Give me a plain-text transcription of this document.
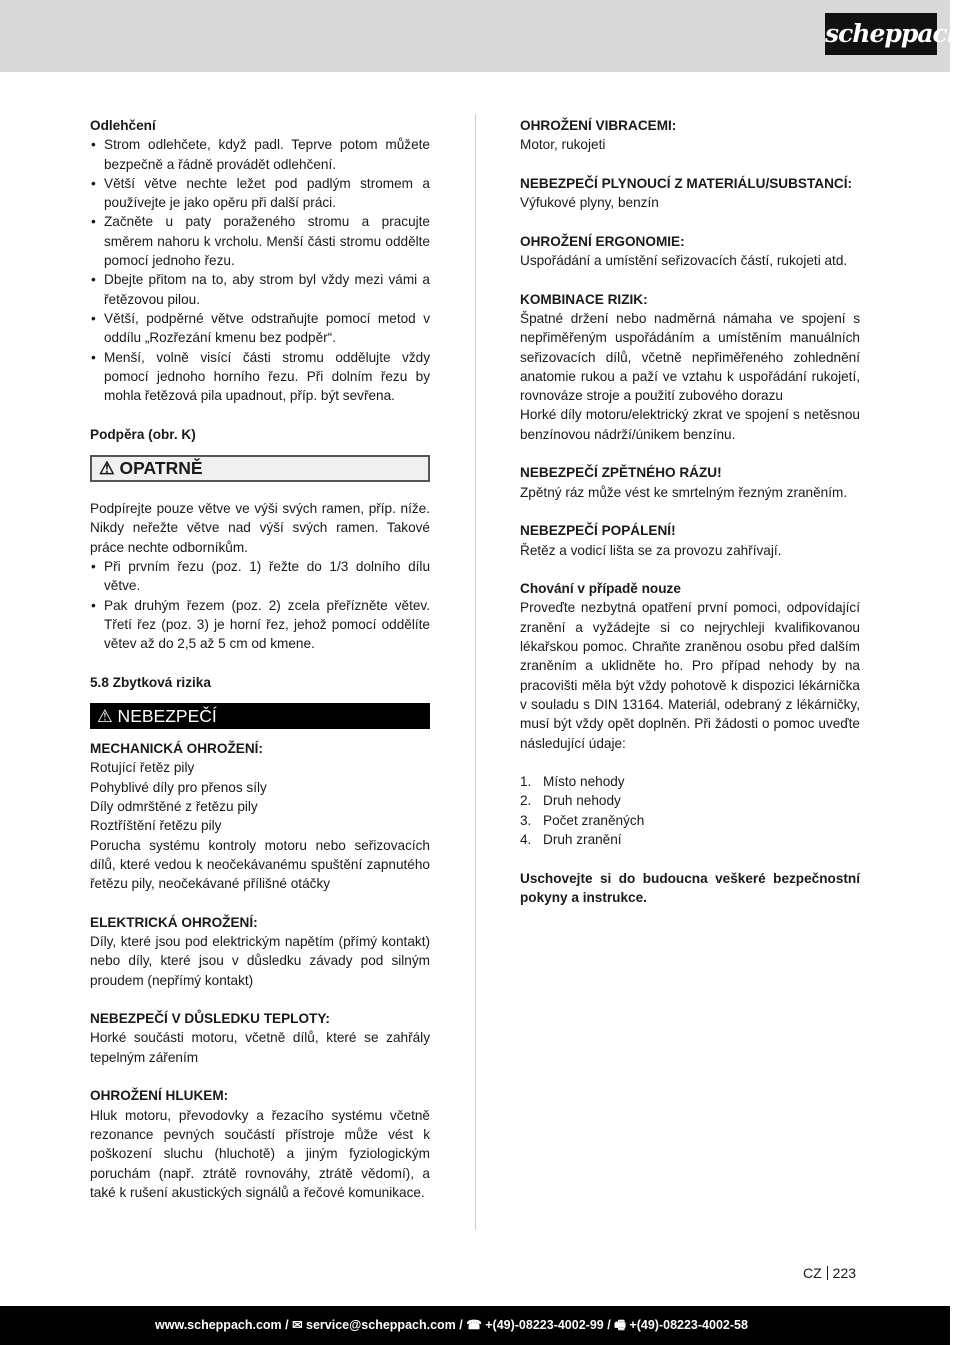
scheppach

Odlehčení

• Strom odlehčete, když padl. Teprve potom můžete bezpečně a řádně provádět odlehčení.
• Větší větve nechte ležet pod padlým stromem a používejte je jako opěru při další práci.
• Začněte u paty poraženého stromu a pracujte směrem nahoru k vrcholu. Menší části stromu oddělte pomocí jednoho řezu.
• Dbejte přitom na to, aby strom byl vždy mezi vámi a řetězovou pilou.
• Větší, podpěrné větve odstraňujte pomocí metod v oddílu „Rozřezání kmenu bez podpěr“.
• Menší, volně visící části stromu oddělujte vždy pomocí jednoho horního řezu. Při dolním řezu by mohla řetězová pila upadnout, příp. být sevřena.

Podpěra (obr. K)

⚠ OPATRNĚ

Podpírejte pouze větve ve výši svých ramen, příp. níže. Nikdy neřežte větve nad výší svých ramen. Takové práce nechte odborníkům.

• Při prvním řezu (poz. 1) řežte do 1/3 dolního dílu větve.
• Pak druhým řezem (poz. 2) zcela přeřízněte větev. Třetí řez (poz. 3) je horní řez, jehož pomocí oddělíte větev až do 2,5 až 5 cm od kmene.

5.8 Zbytková rizika

⚠ NEBEZPEČÍ

MECHANICKÁ OHROŽENÍ:

Rotující řetěz pily

Pohyblivé díly pro přenos síly

Díly odmrštěné z řetězu pily

Roztříštění řetězu pily

Porucha systému kontroly motoru nebo seřizovacích dílů, které vedou k neočekávanému spuštění zapnutého řetězu pily, neočekávané přílišné otáčky

ELEKTRICKÁ OHROŽENÍ:

Díly, které jsou pod elektrickým napětím (přímý kontakt) nebo díly, které jsou v důsledku závady pod silným proudem (nepřímý kontakt)

NEBEZPEČÍ V DŮSLEDKU TEPLOTY:

Horké součásti motoru, včetně dílů, které se zahřály tepelným zářením

OHROŽENÍ HLUKEM:

Hluk motoru, převodovky a řezacího systému včetně rezonance pevných součástí přístroje může vést k poškození sluchu (hluchotě) a jiným fyziologickým poruchám (např. ztrátě rovnováhy, ztrátě vědomí), a také k rušení akustických signálů a řečové komunikace.

OHROŽENÍ VIBRACEMI:

Motor, rukojeti

NEBEZPEČÍ PLYNOUCÍ Z MATERIÁLU/SUBSTANCÍ:

Výfukové plyny, benzín

OHROŽENÍ ERGONOMIE:

Uspořádání a umístění seřizovacích částí, rukojeti atd.

KOMBINACE RIZIK:

Špatné držení nebo nadměrná námaha ve spojení s nepřiměřeným uspořádáním a umístěním manuálních seřizovacích dílů, včetně nepřiměřeného zohlednění anatomie rukou a paží ve vztahu k uspořádání rukojetí, rovnováze stroje a použití zubového dorazu

Horké díly motoru/elektrický zkrat ve spojení s netěsnou benzínovou nádrží/únikem benzínu.

NEBEZPEČÍ ZPĚTNÉHO RÁZU!

Zpětný ráz může vést ke smrtelným řezným zraněním.

NEBEZPEČÍ POPÁLENÍ!

Řetěz a vodicí lišta se za provozu zahřívají.

Chování v případě nouze

Proveďte nezbytná opatření první pomoci, odpovídající zranění a vyžádejte si co nejrychleji kvalifikovanou lékařskou pomoc. Chraňte zraněnou osobu před dalším zraněním a uklidněte ho. Pro případ nehody by na pracovišti měla být vždy pohotově k dispozici lékárnička v souladu s DIN 13164. Materiál, odebraný z lékárničky, musí být vždy opět doplněn. Při žádosti o pomoc uveďte následující údaje:

1. Místo nehody
2. Druh nehody
3. Počet zraněných
4. Druh zranění

Uschovejte si do budoucna veškeré bezpečnostní pokyny a instrukce.

CZ 223
www.scheppach.com / ✉ service@scheppach.com / ☎ +(49)-08223-4002-99 / 🖷 +(49)-08223-4002-58
